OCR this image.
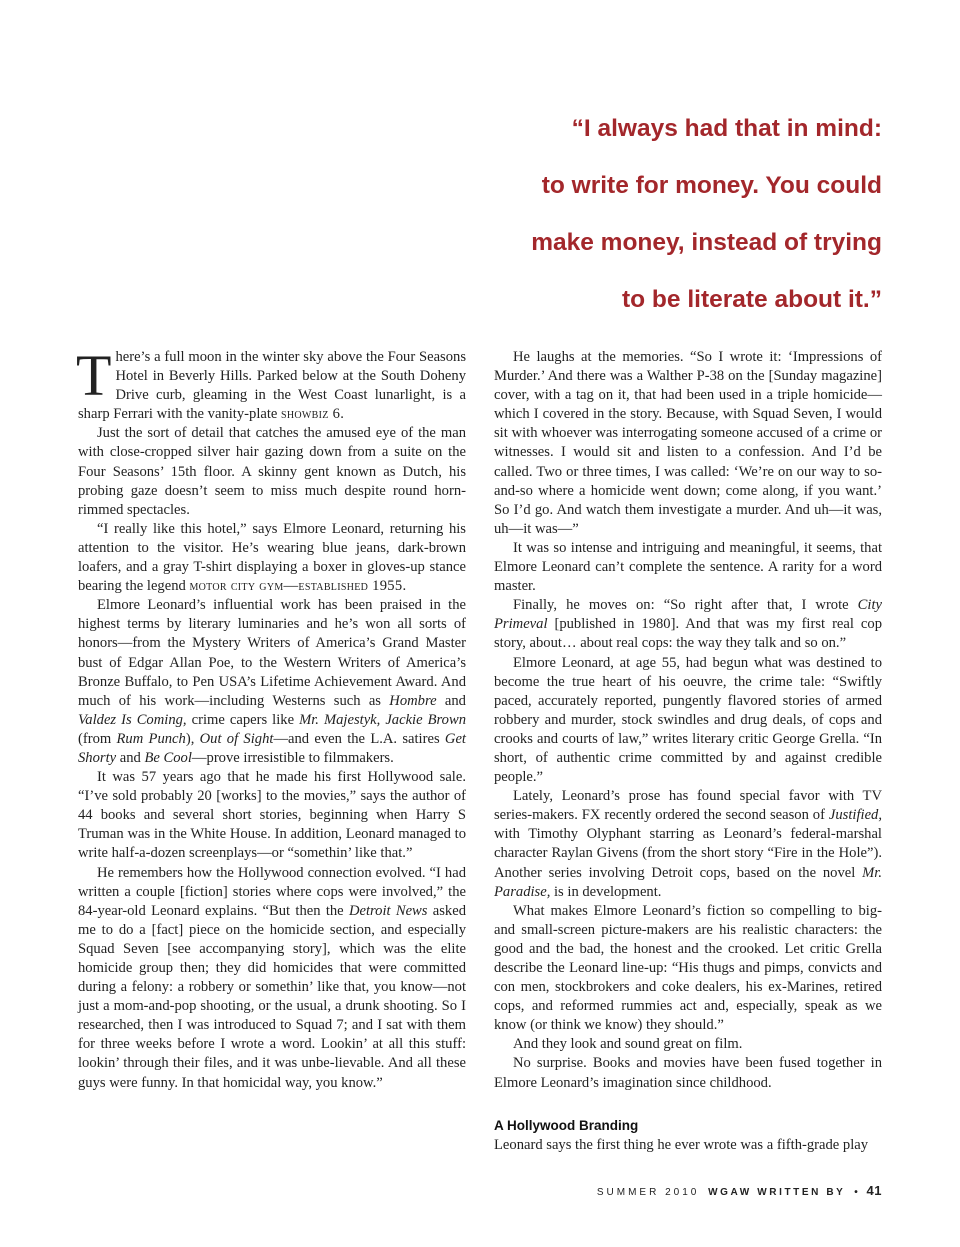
“I always had that in mind:
to write for money. You could
make money, instead of trying
to be literate about it.”

There’s a full moon in the winter sky above the Four Seasons Hotel in Beverly Hills. Parked below at the South Doheny Drive curb, gleaming in the West Coast lunarlight, is a sharp Ferrari with the vanity-plate showbiz 6.

Just the sort of detail that catches the amused eye of the man with close-cropped silver hair gazing down from a suite on the Four Seasons’ 15th floor. A skinny gent known as Dutch, his probing gaze doesn’t seem to miss much despite round horn-rimmed spectacles.

“I really like this hotel,” says Elmore Leonard, returning his attention to the visitor. He’s wearing blue jeans, dark-brown loafers, and a gray T-shirt displaying a boxer in gloves-up stance bearing the legend motor city gym—established 1955.

Elmore Leonard’s influential work has been praised in the highest terms by literary luminaries and he’s won all sorts of honors—from the Mystery Writers of America’s Grand Master bust of Edgar Allan Poe, to the Western Writers of America’s Bronze Buffalo, to Pen USA’s Lifetime Achievement Award. And much of his work—including Westerns such as Hombre and Valdez Is Coming, crime capers like Mr. Majestyk, Jackie Brown (from Rum Punch), Out of Sight—and even the L.A. satires Get Shorty and Be Cool—prove irresistible to filmmakers.

It was 57 years ago that he made his first Hollywood sale. “I’ve sold probably 20 [works] to the movies,” says the author of 44 books and several short stories, beginning when Harry S Truman was in the White House. In addition, Leonard managed to write half-a-dozen screenplays—or “somethin’ like that.”

He remembers how the Hollywood connection evolved. “I had written a couple [fiction] stories where cops were involved,” the 84-year-old Leonard explains. “But then the Detroit News asked me to do a [fact] piece on the homicide section, and especially Squad Seven [see accompanying story], which was the elite homicide group then; they did homicides that were committed during a felony: a robbery or somethin’ like that, you know—not just a mom-and-pop shooting, or the usual, a drunk shooting. So I researched, then I was introduced to Squad 7; and I sat with them for three weeks before I wrote a word. Lookin’ at all this stuff: lookin’ through their files, and it was unbe-lievable. And all these guys were funny. In that homicidal way, you know.”

He laughs at the memories. “So I wrote it: ‘Impressions of Murder.’ And there was a Walther P-38 on the [Sunday magazine] cover, with a tag on it, that had been used in a triple homicide—which I covered in the story. Because, with Squad Seven, I would sit with whoever was interrogating someone accused of a crime or witnesses. I would sit and listen to a confession. And I’d be called. Two or three times, I was called: ‘We’re on our way to so-and-so where a homicide went down; come along, if you want.’ So I’d go. And watch them investigate a murder. And uh—it was, uh—it was—”

It was so intense and intriguing and meaningful, it seems, that Elmore Leonard can’t complete the sentence. A rarity for a word master.

Finally, he moves on: “So right after that, I wrote City Primeval [published in 1980]. And that was my first real cop story, about… about real cops: the way they talk and so on.”

Elmore Leonard, at age 55, had begun what was destined to become the true heart of his oeuvre, the crime tale: “Swiftly paced, accurately reported, pungently flavored stories of armed robbery and murder, stock swindles and drug deals, of cops and crooks and courts of law,” writes literary critic George Grella. “In short, of authentic crime committed by and against credible people.”

Lately, Leonard’s prose has found special favor with TV series-makers. FX recently ordered the second season of Justified, with Timothy Olyphant starring as Leonard’s federal-marshal character Raylan Givens (from the short story “Fire in the Hole”). Another series involving Detroit cops, based on the novel Mr. Paradise, is in development.

What makes Elmore Leonard’s fiction so compelling to big- and small-screen picture-makers are his realistic characters: the good and the bad, the honest and the crooked. Let critic Grella describe the Leonard line-up: “His thugs and pimps, convicts and con men, stockbrokers and coke dealers, his ex-Marines, retired cops, and reformed rummies act and, especially, speak as we know (or think we know) they should.”

And they look and sound great on film.

No surprise. Books and movies have been fused together in Elmore Leonard’s imagination since childhood.

A Hollywood Branding

Leonard says the first thing he ever wrote was a fifth-grade play

SUMMER 2010 WGAW WRITTEN BY • 41
